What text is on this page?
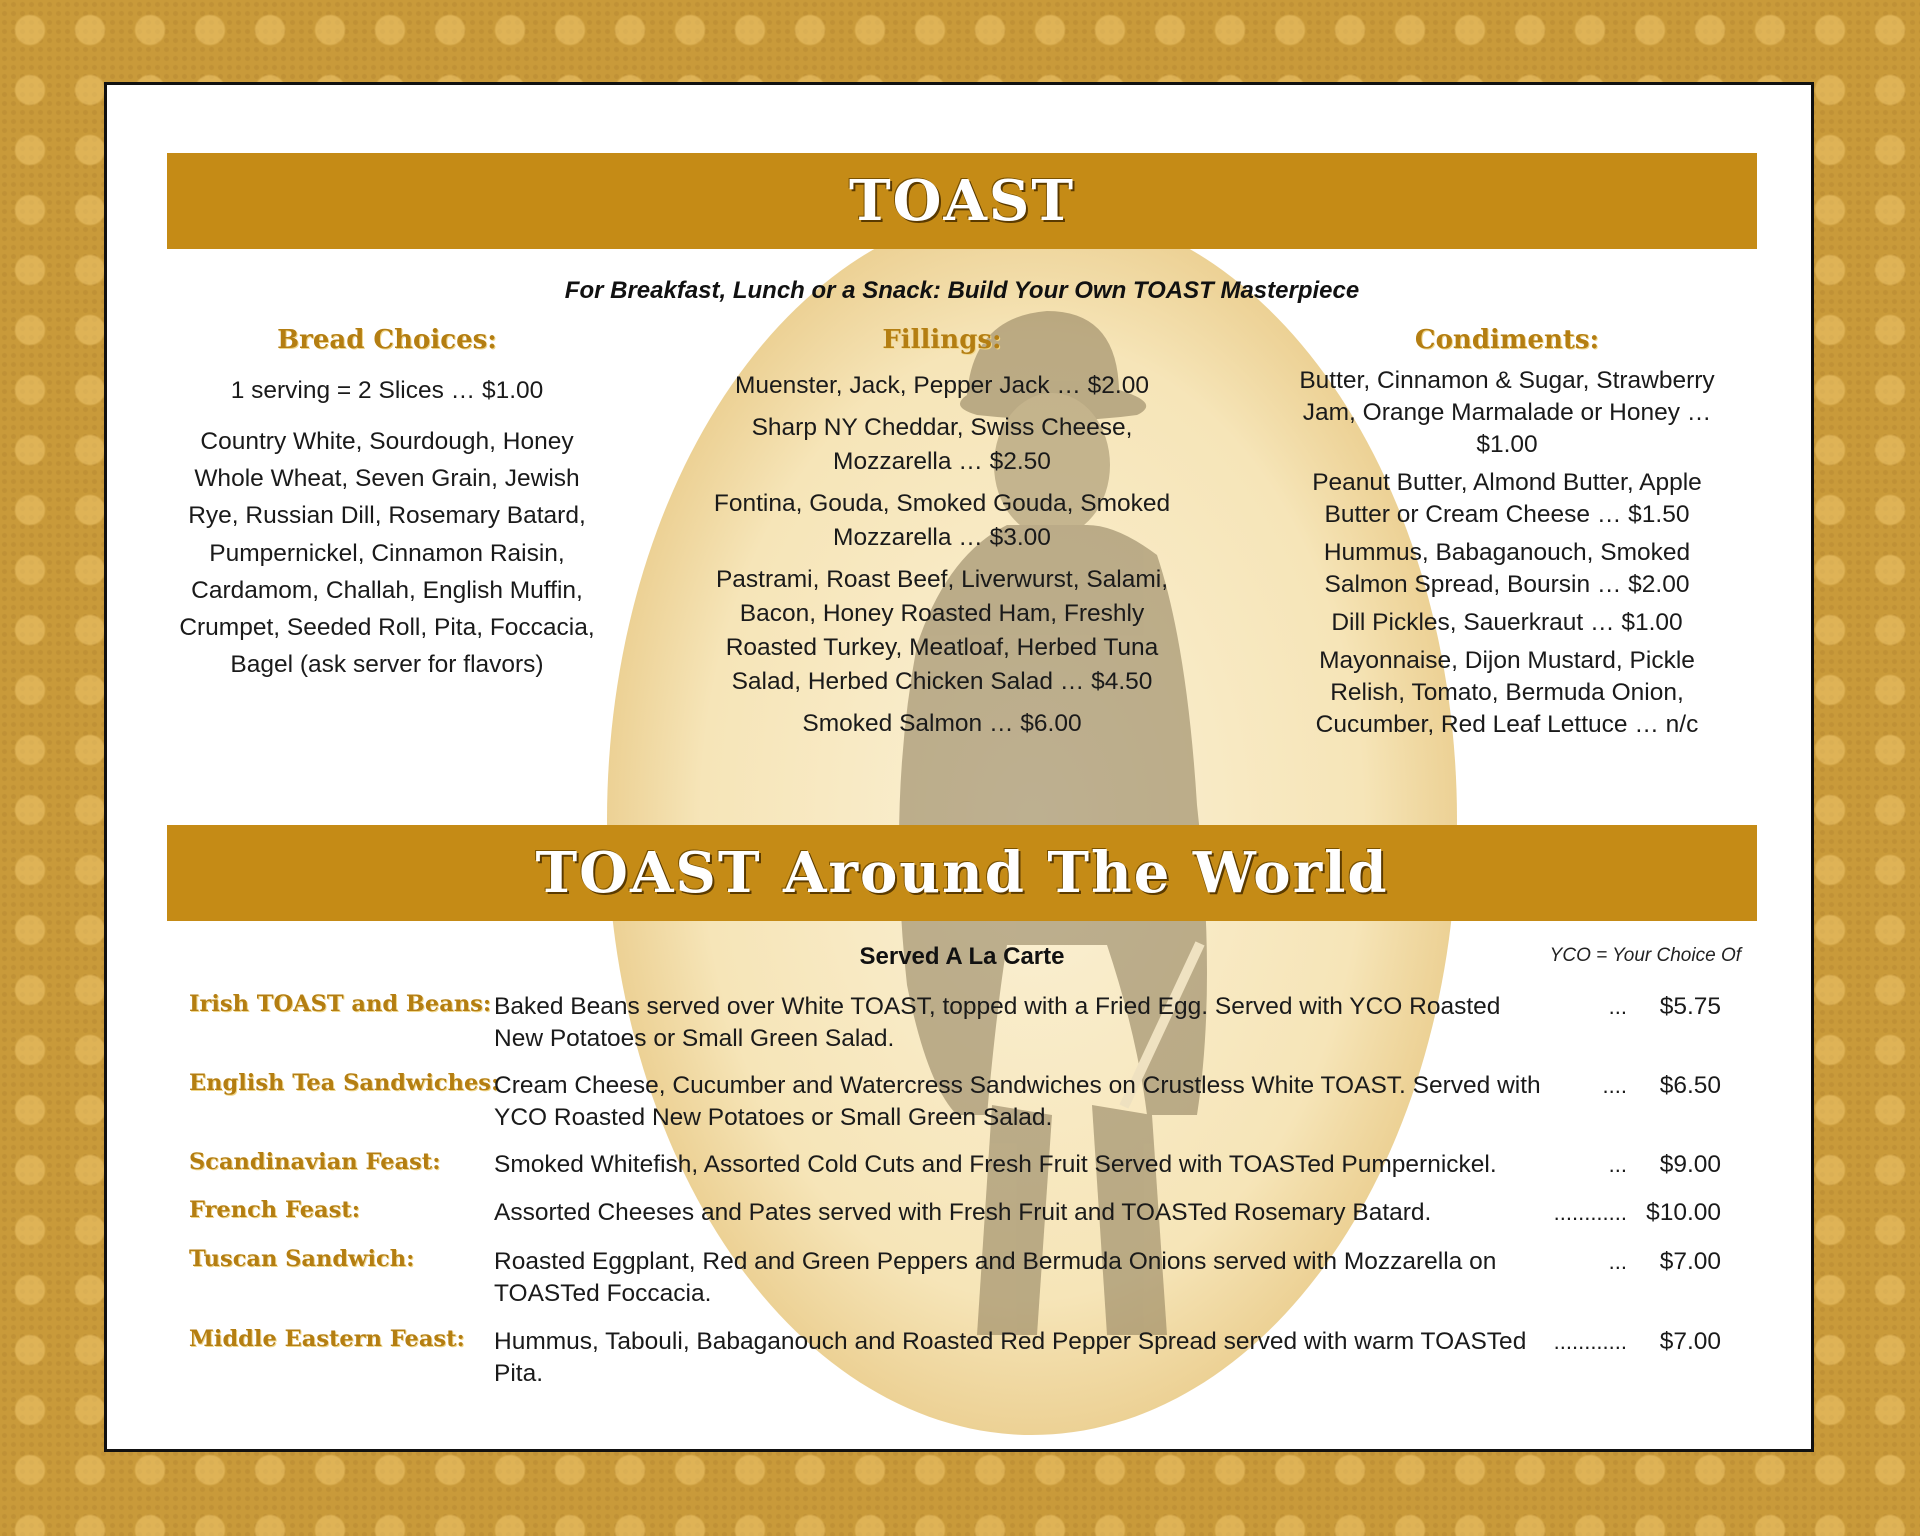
TOAST
For Breakfast, Lunch or a Snack: Build Your Own TOAST Masterpiece
Bread Choices:

1 serving = 2 Slices … $1.00

Country White, Sourdough, Honey Whole Wheat, Seven Grain, Jewish Rye, Russian Dill, Rosemary Batard, Pumpernickel, Cinnamon Raisin, Cardamom, Challah, English Muffin, Crumpet, Seeded Roll, Pita, Foccacia, Bagel (ask server for flavors)

Fillings:

Muenster, Jack, Pepper Jack … $2.00

Sharp NY Cheddar, Swiss Cheese, Mozzarella … $2.50

Fontina, Gouda, Smoked Gouda, Smoked Mozzarella … $3.00

Pastrami, Roast Beef, Liverwurst, Salami, Bacon, Honey Roasted Ham, Freshly Roasted Turkey, Meatloaf, Herbed Tuna Salad, Herbed Chicken Salad … $4.50

Smoked Salmon … $6.00

Condiments:

Butter, Cinnamon & Sugar, Strawberry Jam, Orange Marmalade or Honey … $1.00

Peanut Butter, Almond Butter, Apple Butter or Cream Cheese … $1.50

Hummus, Babaganouch, Smoked Salmon Spread, Boursin … $2.00

Dill Pickles, Sauerkraut … $1.00

Mayonnaise, Dijon Mustard, Pickle Relish, Tomato, Bermuda Onion, Cucumber, Red Leaf Lettuce … n/c

TOAST Around The World
Served A La Carte	YCO = Your Choice Of
Irish TOAST and Beans: Baked Beans served over White TOAST, topped with a Fried Egg. Served with YCO Roasted New Potatoes or Small Green Salad.

... $5.75
English Tea Sandwiches:

Cream Cheese, Cucumber and Watercress Sandwiches on Crustless White TOAST. Served with YCO Roasted New Potatoes or Small Green Salad.

.... $6.50
Scandinavian Feast:	Smoked Whitefish, Assorted Cold Cuts and Fresh Fruit Served with TOASTed Pumpernickel.	... $9.00
French Feast:	Assorted Cheeses and Pates served with Fresh Fruit and TOASTed Rosemary Batard.	............ $10.00
Tuscan Sandwich:	Roasted Eggplant, Red and Green Peppers and Bermuda Onions served with Mozzarella on TOASTed Foccacia.

... $7.00
Middle Eastern Feast:	Hummus, Tabouli, Babaganouch and Roasted Red Pepper Spread served with warm TOASTed Pita.

............ $7.00
